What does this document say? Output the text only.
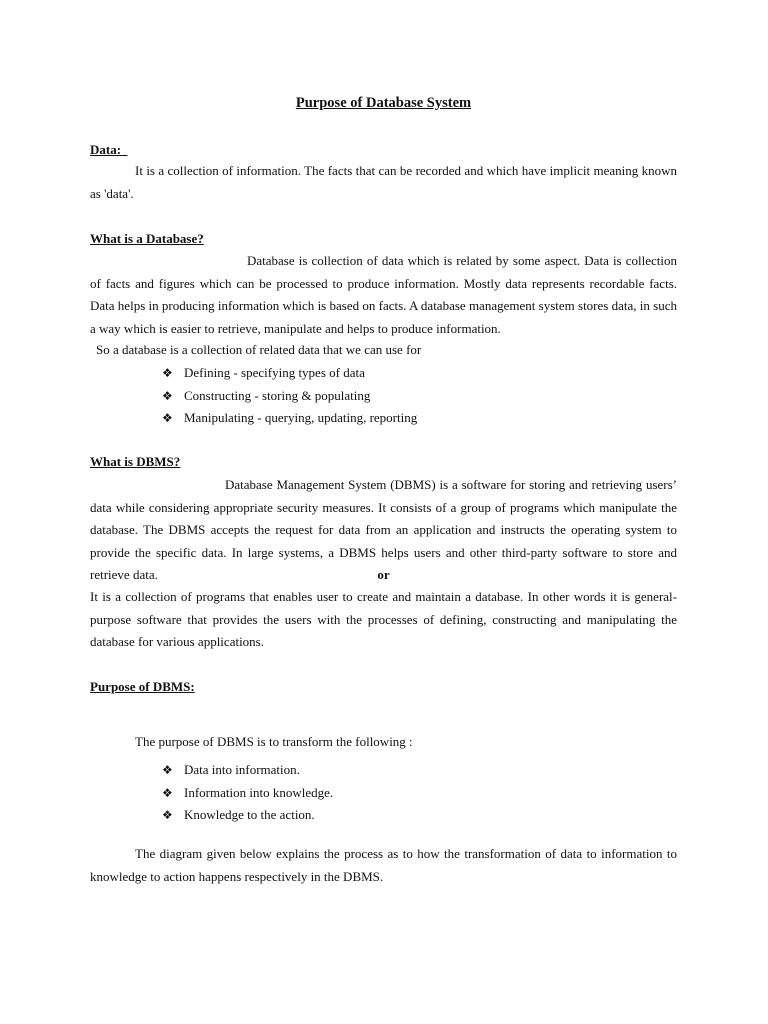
Purpose of Database System
Data:

It is a collection of information. The facts that can be recorded and which have implicit meaning known as 'data'.

What is a Database?

Database is collection of data which is related by some aspect. Data is collection of facts and figures which can be processed to produce information. Mostly data represents recordable facts. Data helps in producing information which is based on facts. A database management system stores data, in such a way which is easier to retrieve, manipulate and helps to produce information.

So a database is a collection of related data that we can use for
❖ Defining - specifying types of data
❖ Constructing - storing & populating
❖ Manipulating - querying, updating, reporting
What is DBMS?

Database Management System (DBMS) is a software for storing and retrieving users’ data while considering appropriate security measures. It consists of a group of programs which manipulate the database. The DBMS accepts the request for data from an application and instructs the operating system to provide the specific data. In large systems, a DBMS helps users and other third-party software to store and retrieve data.	or

It is a collection of programs that enables user to create and maintain a database. In other words it is general-purpose software that provides the users with the processes of defining, constructing and manipulating the database for various applications.

Purpose of DBMS:
The purpose of DBMS is to transform the following :
❖ Data into information.
❖ Information into knowledge.
❖ Knowledge to the action.

The diagram given below explains the process as to how the transformation of data to information to knowledge to action happens respectively in the DBMS.
